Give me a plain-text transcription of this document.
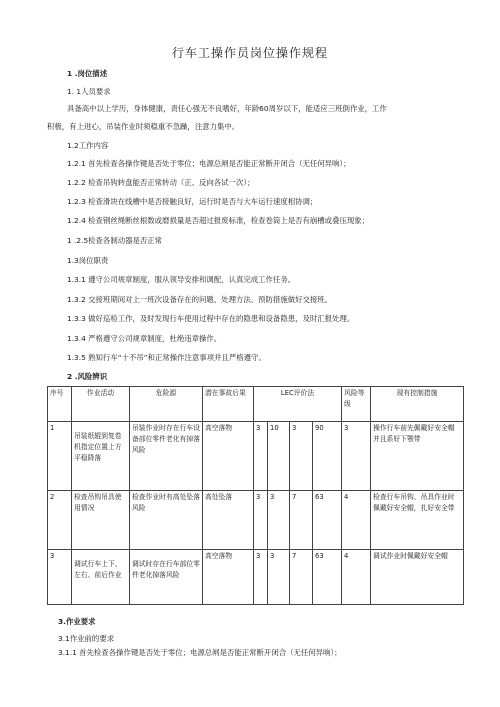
行车工操作员岗位操作规程
1 .岗位描述
1. 1人员要求
具备高中以上学历，身体健康，责任心强无不良嗜好，年龄60周岁以下，能适应三班倒作业，工作
积极，有上进心，吊装作业时须稳重不急躁，注意力集中。
1.2工作内容
1.2.1 首先检查各操作键是否处于零位；电源总闸是否能正常断开闭合（无任何异响）；
1.2.2 检查吊钩转盘能否正常转动（正、反向各试一次）；
1.2.3 检查滑块在线槽中是否接触良好，运行时是否与大车运行速度相协调；
1.2.4 检查钢丝绳断丝根数或磨损量是否超过报废标准，检查卷筒上是否有崩槽或叠压现象；
1 .2.5检查各制动器是否正常
1.3岗位职责
1.3.1 遵守公司规章制度，服从领导安排和调配，认真完成工作任务。
1.3.2 交接班期间对上一班次设备存在的问题、处理方法、预防措施做好交接班。
1.3.3 做好巡检工作，及时发现行车使用过程中存在的隐患和设备隐患，及时汇报处理。
1.3.4 严格遵守公司规章制度，杜绝违章操作。
1.3.5 熟知行车“十不吊”和正常操作注意事项并且严格遵守。
2 .风险辨识
序号	作业活动	危险源	潜在事故后果	LEC评价法				风险等级	现有控制措施
1	吊装纸辊到复卷机指定位置上方平稳降落	吊装作业时存在行车设备部位零件老化有掉落风险	高空落物	3	10	3	90	3	操作行车前先佩戴好安全帽并且系好下颚带
2	检查吊钩吊具使用情况	检查作业时有高处坠落风险	高处坠落	3	3	7	63	4	检查行车吊钩、吊具作业时佩戴好安全帽，扎好安全带
3	调试行车上下、左右、前后作业	调试时存在行车部位零件老化掉落风险	高空落物	3	3	7	63	4	调试作业时佩戴好安全帽
3.作业要求
3.1作业前的要求
3.1.1 首先检查各操作键是否处于零位；电源总闸是否能正常断开闭合（无任何异响）；
